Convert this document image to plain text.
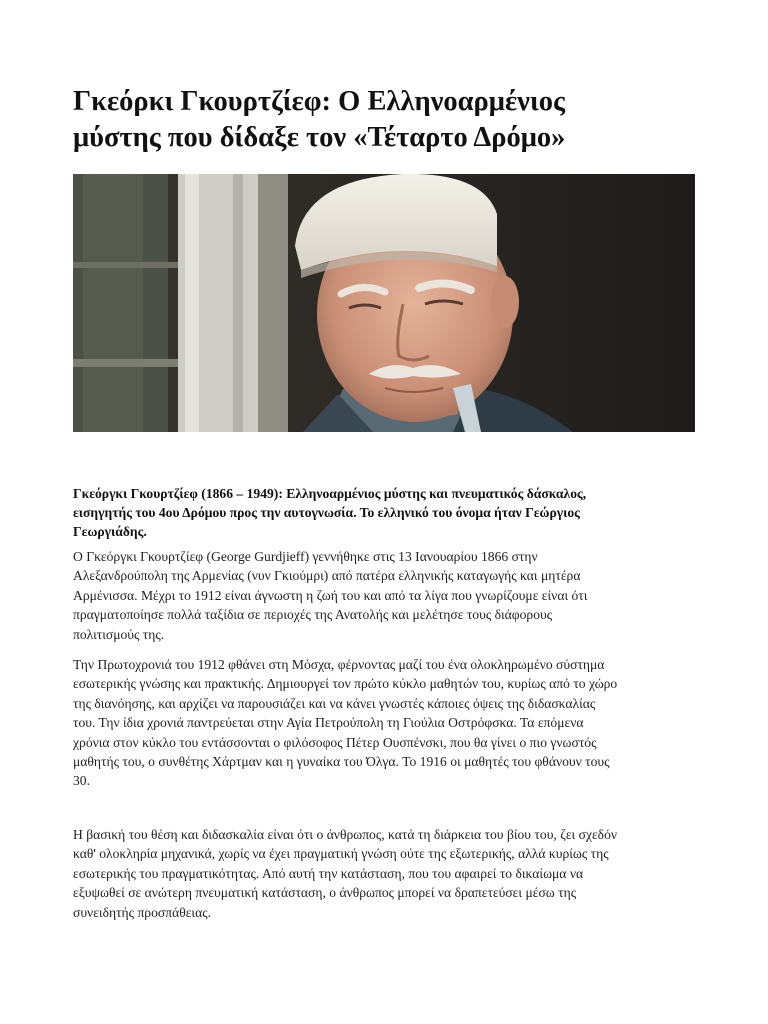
Γκεόρκι Γκουρτζίεφ: Ο Ελληνοαρμένιος
μύστης που δίδαξε τον «Τέταρτο Δρόμο»

Γκεόργκι Γκουρτζίεφ (1866 – 1949): Ελληνοαρμένιος μύστης και πνευματικός δάσκαλος,
εισηγητής του 4ου Δρόμου προς την αυτογνωσία. Το ελληνικό του όνομα ήταν Γεώργιος
Γεωργιάδης.

Ο Γκεόργκι Γκουρτζίεφ (George Gurdjieff) γεννήθηκε στις 13 Ιανουαρίου 1866 στην
Αλεξανδρούπολη της Αρμενίας (νυν Γκιούμρι) από πατέρα ελληνικής καταγωγής και μητέρα
Αρμένισσα. Μέχρι το 1912 είναι άγνωστη η ζωή του και από τα λίγα που γνωρίζουμε είναι ότι
πραγματοποίησε πολλά ταξίδια σε περιοχές της Ανατολής και μελέτησε τους διάφορους
πολιτισμούς της.

Την Πρωτοχρονιά του 1912 φθάνει στη Μόσχα, φέρνοντας μαζί του ένα ολοκληρωμένο σύστημα
εσωτερικής γνώσης και πρακτικής. Δημιουργεί τον πρώτο κύκλο μαθητών του, κυρίως από το χώρο
της διανόησης, και αρχίζει να παρουσιάζει και να κάνει γνωστές κάποιες όψεις της διδασκαλίας
του. Την ίδια χρονιά παντρεύεται στην Αγία Πετρούπολη τη Γιούλια Οστρόφσκα. Τα επόμενα
χρόνια στον κύκλο του εντάσσονται ο φιλόσοφος Πέτερ Ουσπένσκι, που θα γίνει ο πιο γνωστός
μαθητής του, ο συνθέτης Χάρτμαν και η γυναίκα του Όλγα. Το 1916 οι μαθητές του φθάνουν τους
30.

Η βασική του θέση και διδασκαλία είναι ότι ο άνθρωπος, κατά τη διάρκεια του βίου του, ζει σχεδόν
καθ' ολοκληρία μηχανικά, χωρίς να έχει πραγματική γνώση ούτε της εξωτερικής, αλλά κυρίως της
εσωτερικής του πραγματικότητας. Από αυτή την κατάσταση, που του αφαιρεί το δικαίωμα να
εξυψωθεί σε ανώτερη πνευματική κατάσταση, ο άνθρωπος μπορεί να δραπετεύσει μέσω της
συνειδητής προσπάθειας.
